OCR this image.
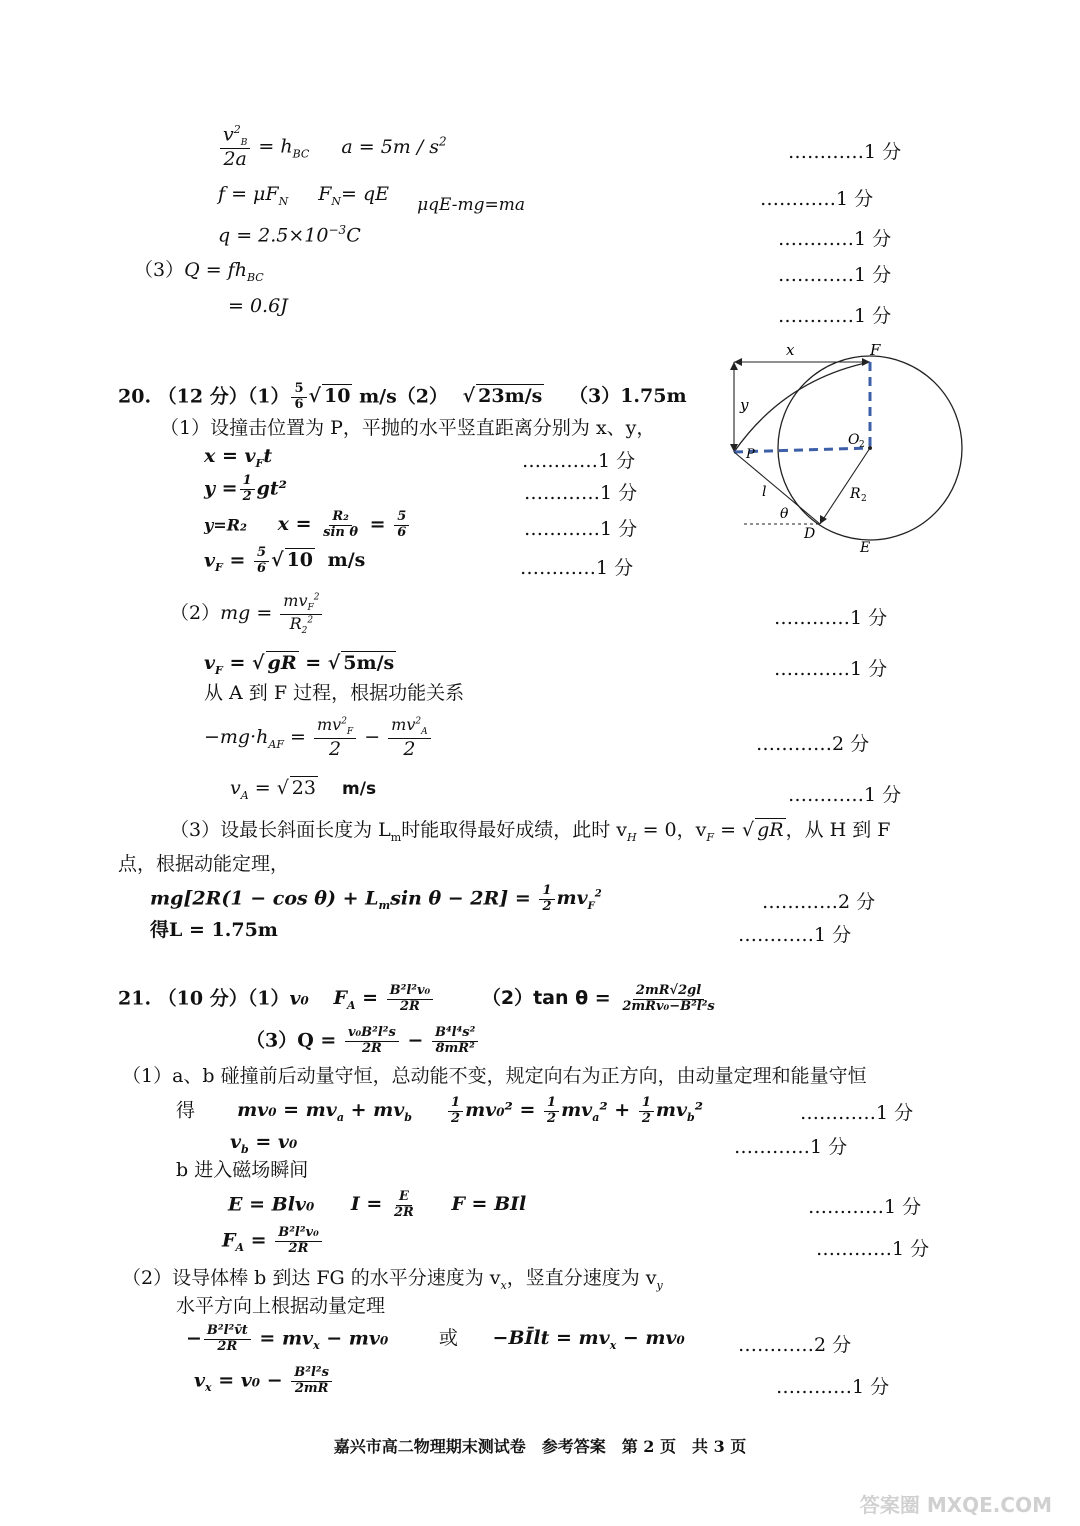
$\frac{v^2_B}{2a} = h_{BC}$ $a = 5m / s^2$	…………1 分
$f = \mu F_N$ $F_N=$ qE μqE-mg=ma	…………1 分
$q = 2.5\times 10^{-3}C$	…………1 分
$(3)Q = fh_{BC}$	…………1 分
= 0.6J	…………1 分
20. （12 分）$(1) \frac{5}{6}$ √ 10 m/s（2） √ 23m/s （3）1.75m
（1）设撞击位置为 P，平抛的水平竖直距离分别为 x、y，
$x = v_Ft$	…………1 分
$y = \frac{1}{2} gt^2$	…………1 分
y=R₂ $x = \frac{\text{R₂}}{\text{sin θ}} = \frac{5}{6}$	…………1 分
$v_F = \frac{5}{6}$ √ 10 m/s	…………1 分
$(2)mg = \frac{mv_F^2}{R_2^2}$	…………1 分
$v_F$ = √ gR = √ 5m/s	…………1 分
从 A 到 F 过程，根据功能关系
$-mg\cdot h_{AF} = \frac{mv^2_F}{2} - \frac{mv^2_A}{2}$	…………2 分
$v_A$ = √ 23 m/s	…………1 分
（3）设最长斜面长度为 $L_m$时能取得最好成绩，此时 $v_H = 0$，$v_F$ = √ gR ，从 H 到 F
点，根据动能定理，
$mg[2R(1 - \cos \theta) + L_m\sin$ $\theta - 2R] = \frac{1}{2} mv_F^2$	…………2 分
得L = 1.75m	…………1 分
x	F
y
O 2
P
l	R 2
θ
D
E
21. （10 分）（1）v₀ $F_A = \frac{\text{B²l²v₀}}{2R}$	（2）tan $\theta = \frac{2mR√2gl}{\text{2mRv₀−B²l²s}}$
$(3)Q = \frac{\text{v₀B²l²s}}{2R} - \frac{\text{B⁴l⁴s²}}{\text{8mR²}}$
（1）a、b 碰撞前后动量守恒，总动能不变，规定向右为正方向，由动量定理和能量守恒
得 $mv_0 = mv_a + mv_b$	$\frac{1}{2} mv_0^2 = \frac{1}{2} mv_a^2 + \frac{1}{2} mv_b^2$	…………1 分
$v_b = v_0$	…………1 分
b 进入磁场瞬间
E = Blv₀ $I = \frac{E}{2R}$ F = BIl	…………1 分
$F_A = \frac{\text{B²l²v₀}}{2R}$	…………1 分
（2）设导体棒 b 到达 FG 的水平分速度为 $v_x$，竖直分速度为 $v_y$
水平方向上根据动量定理
− $\frac{\text{B²l²v̄t}}{2R} = mv_x - mv_0$ 或 −BĪlt = $mv_x - mv_0$	…………2 分
$v_x = v_0 - \frac{\text{B²l²s}}{2mR}$	…………1 分
嘉兴市高二物理期末测试卷　参考答案　第 2 页　共 3 页
答案圈 MXQE.COM
